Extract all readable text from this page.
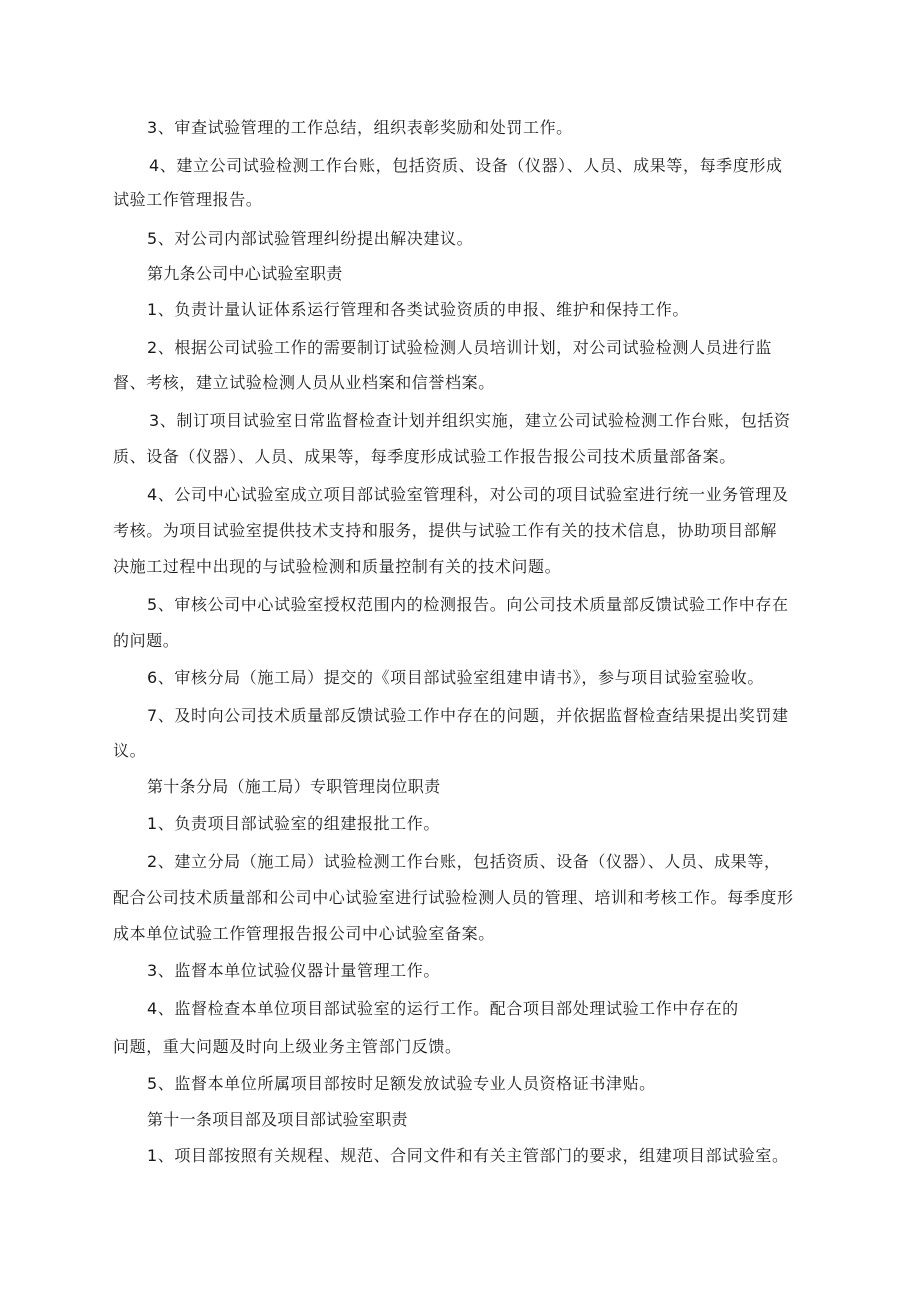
3、审查试验管理的工作总结，组织表彰奖励和处罚工作。
4、建立公司试验检测工作台账，包括资质、设备（仪器）、人员、成果等，每季度形成
试验工作管理报告。
5、对公司内部试验管理纠纷提出解决建议。
第九条公司中心试验室职责
1、负责计量认证体系运行管理和各类试验资质的申报、维护和保持工作。
2、根据公司试验工作的需要制订试验检测人员培训计划，对公司试验检测人员进行监
督、考核，建立试验检测人员从业档案和信誉档案。
3、制订项目试验室日常监督检查计划并组织实施，建立公司试验检测工作台账，包括资
质、设备（仪器）、人员、成果等，每季度形成试验工作报告报公司技术质量部备案。
4、公司中心试验室成立项目部试验室管理科，对公司的项目试验室进行统一业务管理及
考核。为项目试验室提供技术支持和服务，提供与试验工作有关的技术信息，协助项目部解
决施工过程中出现的与试验检测和质量控制有关的技术问题。
5、审核公司中心试验室授权范围内的检测报告。向公司技术质量部反馈试验工作中存在
的问题。
6、审核分局（施工局）提交的《项目部试验室组建申请书》，参与项目试验室验收。
7、及时向公司技术质量部反馈试验工作中存在的问题，并依据监督检查结果提出奖罚建
议。
第十条分局（施工局）专职管理岗位职责
1、负责项目部试验室的组建报批工作。
2、建立分局（施工局）试验检测工作台账，包括资质、设备（仪器）、人员、成果等，
配合公司技术质量部和公司中心试验室进行试验检测人员的管理、培训和考核工作。每季度形
成本单位试验工作管理报告报公司中心试验室备案。
3、监督本单位试验仪器计量管理工作。
4、监督检查本单位项目部试验室的运行工作。配合项目部处理试验工作中存在的
问题，重大问题及时向上级业务主管部门反馈。
5、监督本单位所属项目部按时足额发放试验专业人员资格证书津贴。
第十一条项目部及项目部试验室职责
1、项目部按照有关规程、规范、合同文件和有关主管部门的要求，组建项目部试验室。
